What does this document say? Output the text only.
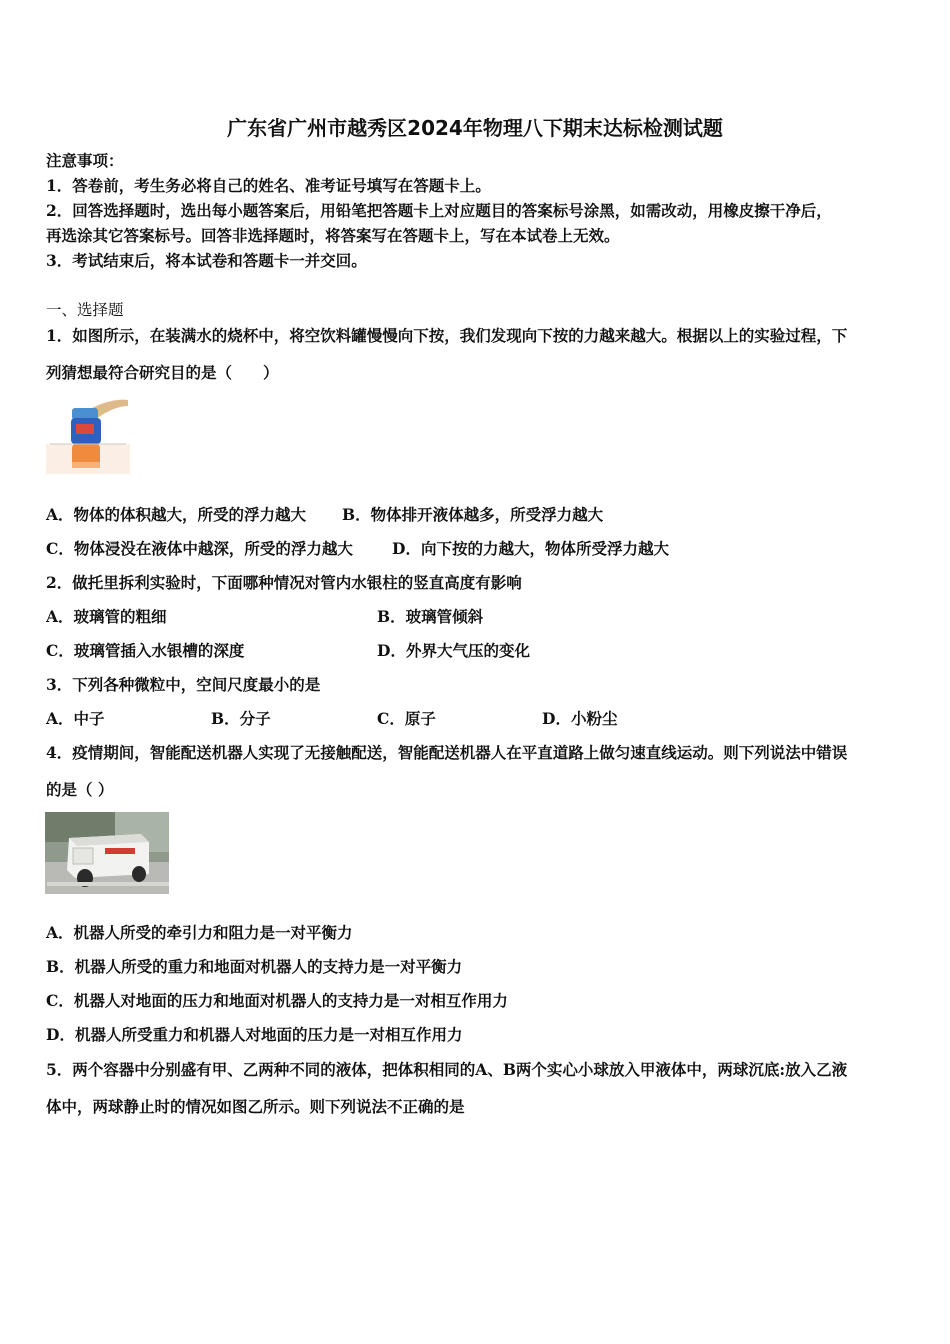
广东省广州市越秀区2024年物理八下期末达标检测试题
注意事项：
1．答卷前，考生务必将自己的姓名、准考证号填写在答题卡上。
2．回答选择题时，选出每小题答案后，用铅笔把答题卡上对应题目的答案标号涂黑，如需改动，用橡皮擦干净后，
再选涂其它答案标号。回答非选择题时，将答案写在答题卡上，写在本试卷上无效。
3．考试结束后，将本试卷和答题卡一并交回。
一、选择题
1．如图所示，在装满水的烧杯中，将空饮料罐慢慢向下按，我们发现向下按的力越来越大。根据以上的实验过程，下
列猜想最符合研究目的是（　　）
A．物体的体积越大，所受的浮力越大 B．物体排开液体越多，所受浮力越大
C．物体浸没在液体中越深，所受的浮力越大	D．向下按的力越大，物体所受浮力越大
2．做托里拆利实验时，下面哪种情况对管内水银柱的竖直高度有影响
A．玻璃管的粗细	B．玻璃管倾斜
C．玻璃管插入水银槽的深度	D．外界大气压的变化
3．下列各种微粒中，空间尺度最小的是
A．中子	B．分子	C．原子	D．小粉尘
4．疫情期间，智能配送机器人实现了无接触配送，智能配送机器人在平直道路上做匀速直线运动。则下列说法中错误
的是（ ）
A．机器人所受的牵引力和阻力是一对平衡力
B．机器人所受的重力和地面对机器人的支持力是一对平衡力
C．机器人对地面的压力和地面对机器人的支持力是一对相互作用力
D．机器人所受重力和机器人对地面的压力是一对相互作用力
5．两个容器中分别盛有甲、乙两种不同的液体，把体积相同的A、B两个实心小球放入甲液体中，两球沉底:放入乙液
体中，两球静止时的情况如图乙所示。则下列说法不正确的是
